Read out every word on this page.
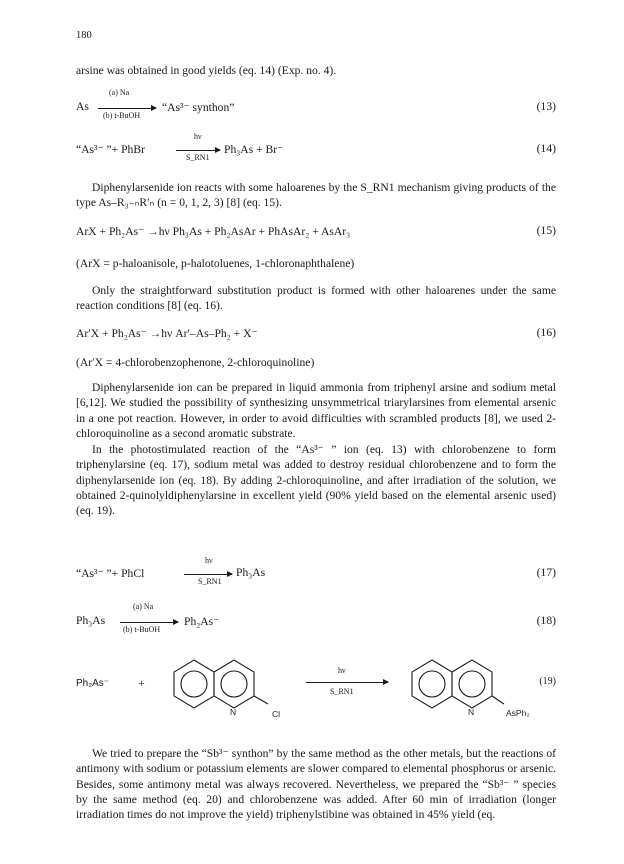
180

arsine was obtained in good yields (eq. 14) (Exp. no. 4).

As
(a) Na
(b) t-BuOH
“As³⁻ synthon”	(13)
“As³⁻ ”+ PhBr
hν
S_RN1
Ph₃As + Br⁻	(14)

Diphenylarsenide ion reacts with some haloarenes by the S_RN1 mechanism giving products of the type As–R₃₋ₙR′ₙ (n = 0, 1, 2, 3) [8] (eq. 15).

ArX + Ph₂As⁻ →hν Ph₃As + Ph₂AsAr + PhAsAr₂ + AsAr₃	(15)
(ArX = p-haloanisole, p-halotoluenes, 1-chloronaphthalene)

Only the straightforward substitution product is formed with other haloarenes under the same reaction conditions [8] (eq. 16).

Ar′X + Ph₂As⁻ →hν Ar′–As–Ph₂ + X⁻	(16)
(Ar′X = 4-chlorobenzophenone, 2-chloroquinoline)

Diphenylarsenide ion can be prepared in liquid ammonia from triphenyl arsine and sodium metal [6,12]. We studied the possibility of synthesizing unsymmetrical triarylarsines from elemental arsenic in a one pot reaction. However, in order to avoid difficulties with scrambled products [8], we used 2-chloroquinoline as a second aromatic substrate.

In the photostimulated reaction of the “As³⁻ ” ion (eq. 13) with chlorobenzene to form triphenylarsine (eq. 17), sodium metal was added to destroy residual chlorobenzene and to form the diphenylarsenide ion (eq. 18). By adding 2-chloroquinoline, and after irradiation of the solution, we obtained 2-quinolyldiphenylarsine in excellent yield (90% yield based on the elemental arsenic used) (eq. 19).

“As³⁻ ”+ PhCl
hν
S_RN1
Ph₃As	(17)
Ph₃As
(a) Na
(b) t-BuOH
Ph₂As⁻	(18)
Ph₂As⁻ +
N	Cl
hν
S_RN1
N	AsPh₂
(19)

We tried to prepare the “Sb³⁻ synthon” by the same method as the other metals, but the reactions of antimony with sodium or potassium elements are slower compared to elemental phosphorus or arsenic. Besides, some antimony metal was always recovered. Nevertheless, we prepared the “Sb³⁻ ” species by the same method (eq. 20) and chlorobenzene was added. After 60 min of irradiation (longer irradiation times do not improve the yield) triphenylstibine was obtained in 45% yield (eq.
